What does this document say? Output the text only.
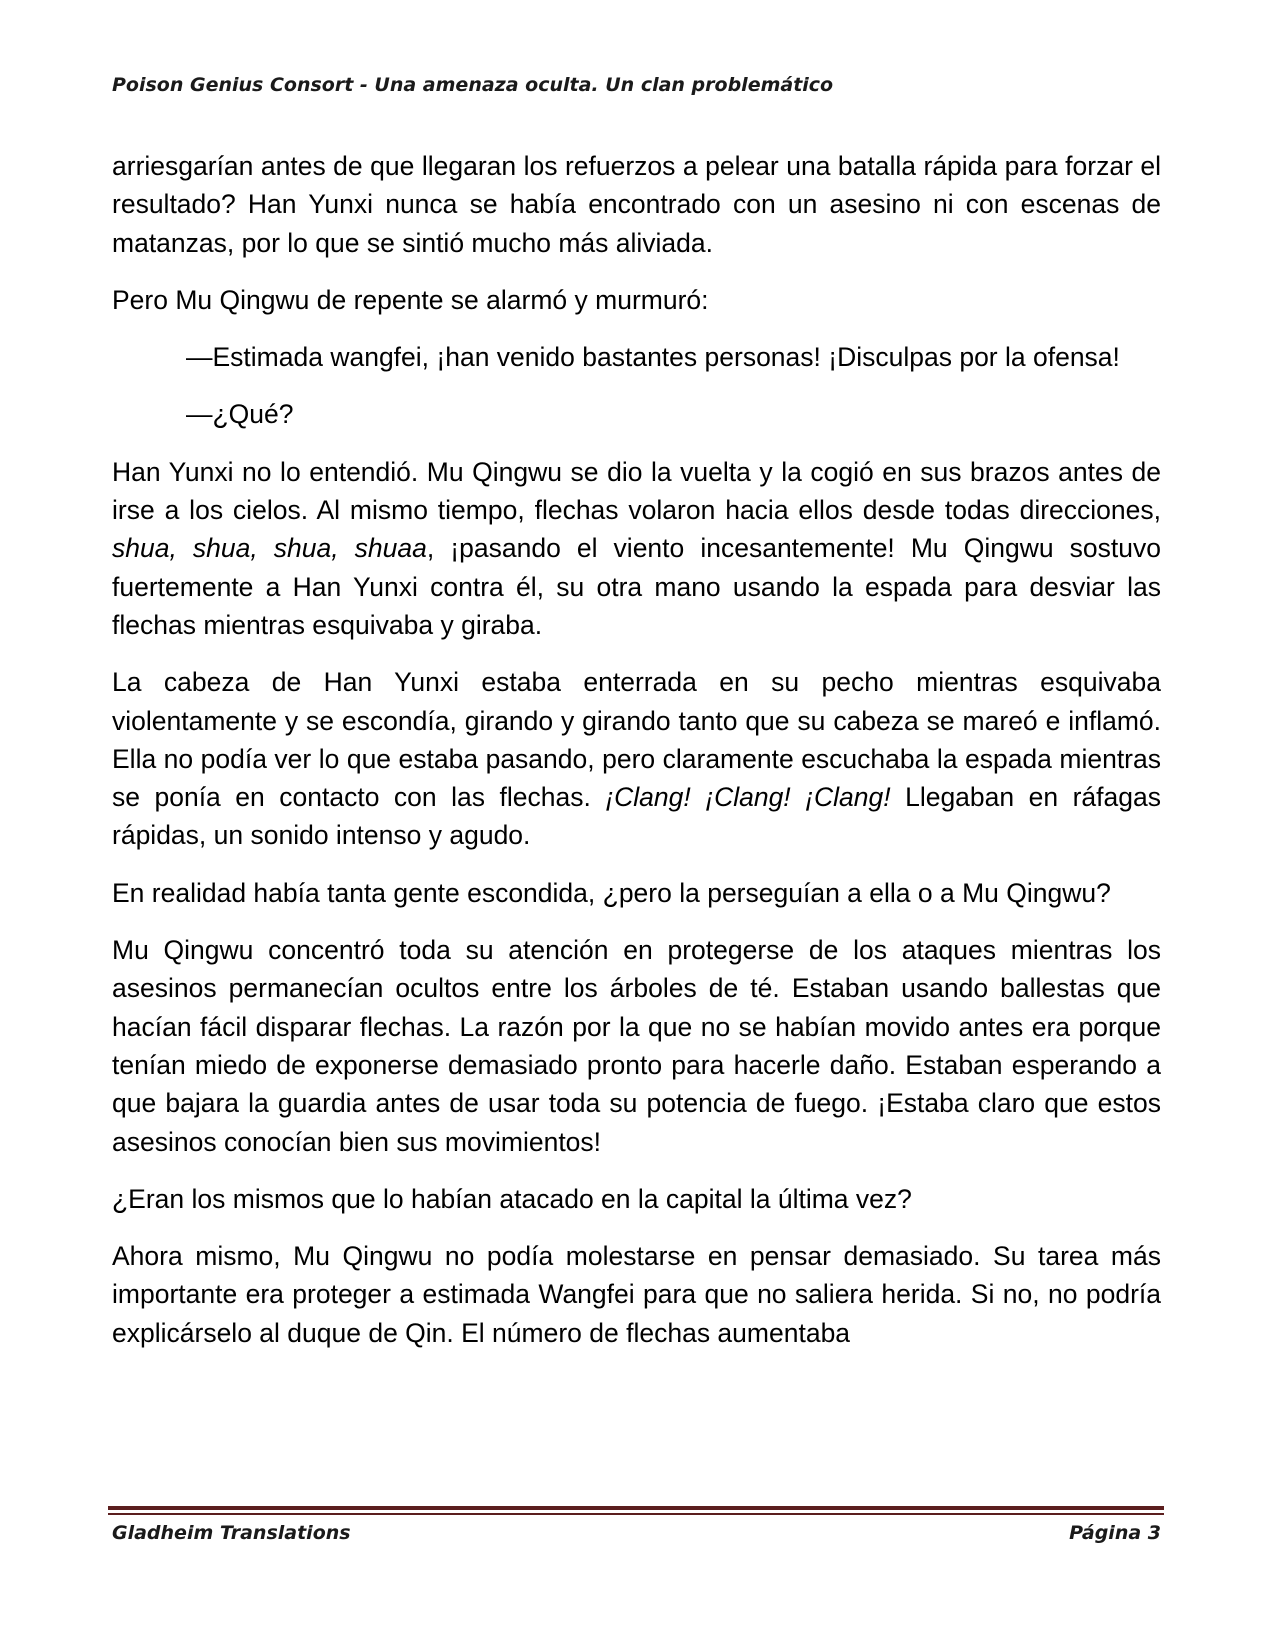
Poison Genius Consort - Una amenaza oculta. Un clan problemático

arriesgarían antes de que llegaran los refuerzos a pelear una batalla rápida para forzar el resultado? Han Yunxi nunca se había encontrado con un asesino ni con escenas de matanzas, por lo que se sintió mucho más aliviada.

Pero Mu Qingwu de repente se alarmó y murmuró:

—Estimada wangfei, ¡han venido bastantes personas! ¡Disculpas por la ofensa!

—¿Qué?

Han Yunxi no lo entendió. Mu Qingwu se dio la vuelta y la cogió en sus brazos antes de irse a los cielos. Al mismo tiempo, flechas volaron hacia ellos desde todas direcciones, shua, shua, shua, shuaa, ¡pasando el viento incesantemente! Mu Qingwu sostuvo fuertemente a Han Yunxi contra él, su otra mano usando la espada para desviar las flechas mientras esquivaba y giraba.

La cabeza de Han Yunxi estaba enterrada en su pecho mientras esquivaba violentamente y se escondía, girando y girando tanto que su cabeza se mareó e inflamó. Ella no podía ver lo que estaba pasando, pero claramente escuchaba la espada mientras se ponía en contacto con las flechas. ¡Clang! ¡Clang! ¡Clang! Llegaban en ráfagas rápidas, un sonido intenso y agudo.

En realidad había tanta gente escondida, ¿pero la perseguían a ella o a Mu Qingwu?

Mu Qingwu concentró toda su atención en protegerse de los ataques mientras los asesinos permanecían ocultos entre los árboles de té. Estaban usando ballestas que hacían fácil disparar flechas. La razón por la que no se habían movido antes era porque tenían miedo de exponerse demasiado pronto para hacerle daño. Estaban esperando a que bajara la guardia antes de usar toda su potencia de fuego. ¡Estaba claro que estos asesinos conocían bien sus movimientos!

¿Eran los mismos que lo habían atacado en la capital la última vez?

Ahora mismo, Mu Qingwu no podía molestarse en pensar demasiado. Su tarea más importante era proteger a estimada Wangfei para que no saliera herida. Si no, no podría explicárselo al duque de Qin. El número de flechas aumentaba

Gladheim Translations	Página 3
